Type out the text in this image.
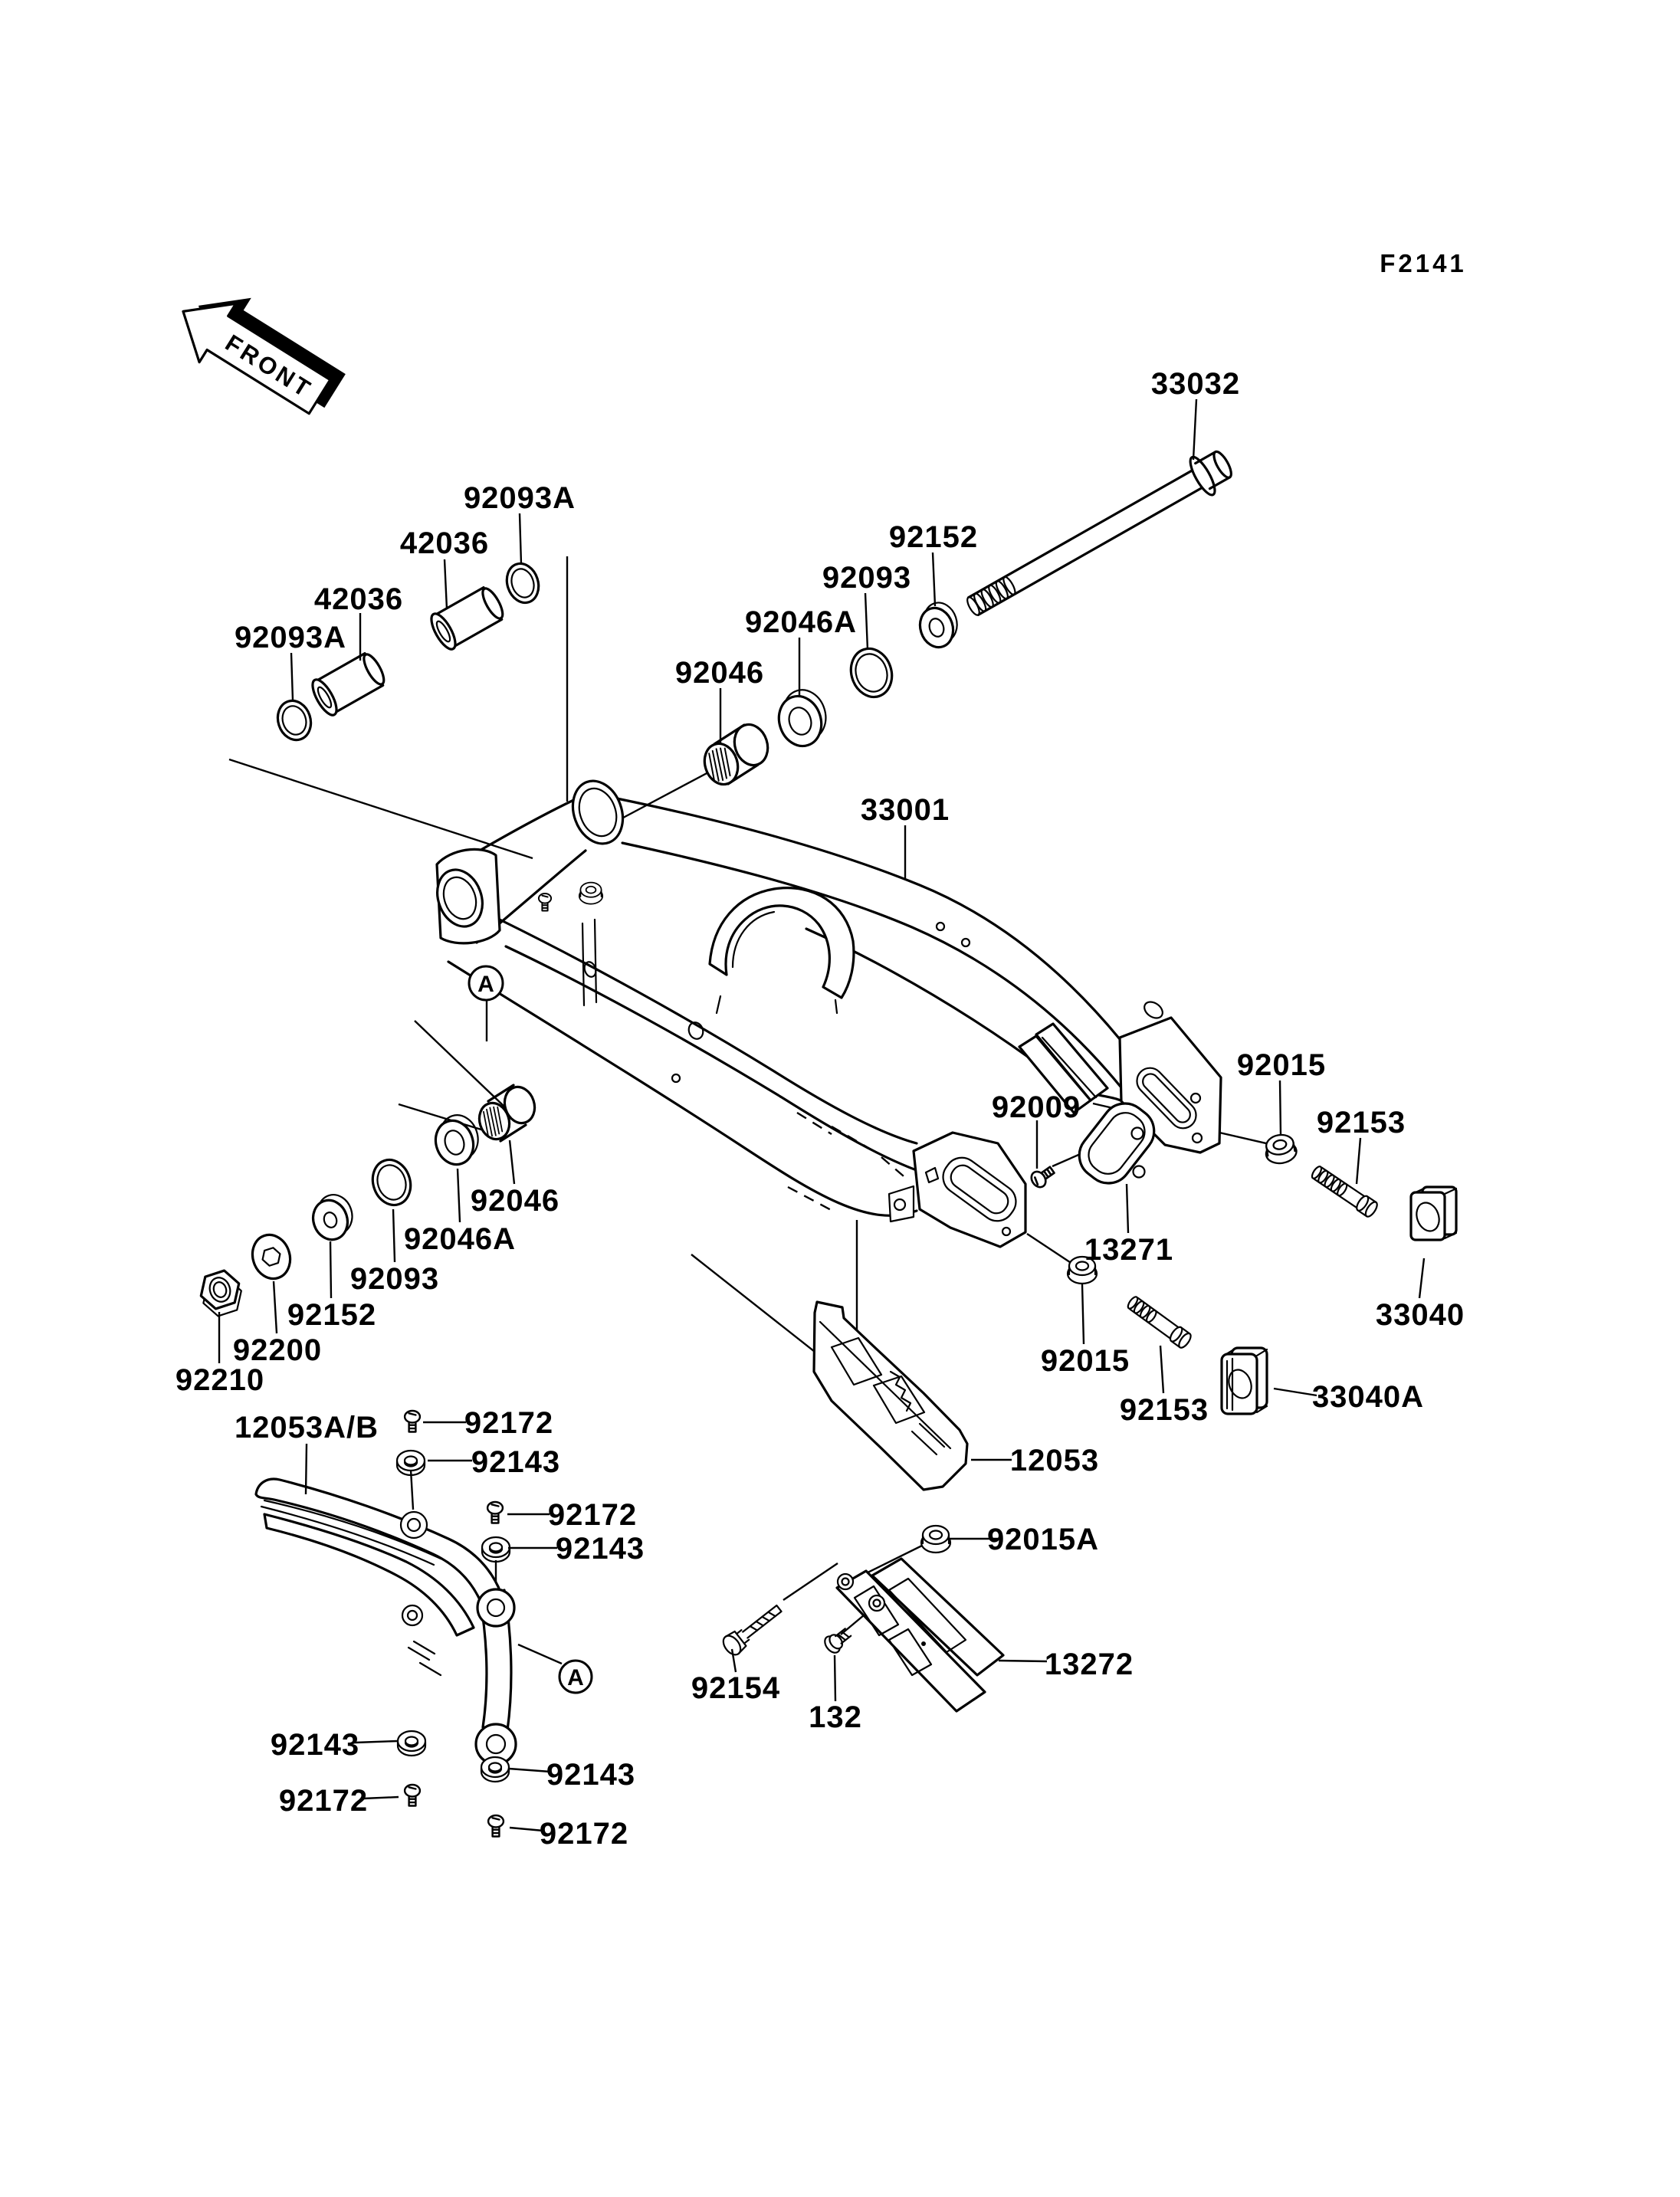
FRONT	33032
92093A
42036
42036
92093A
92152
92093
92046A
92046
33001
92015
92153
92009
13271
33040
33040A
92015
92153
92046
92046A
92093
92152
92200
92210
12053A/B	92172
92143
92172
92143
12053
92015A
13272
92154
132
92143
92172
92143
92172
A
A
F2141
